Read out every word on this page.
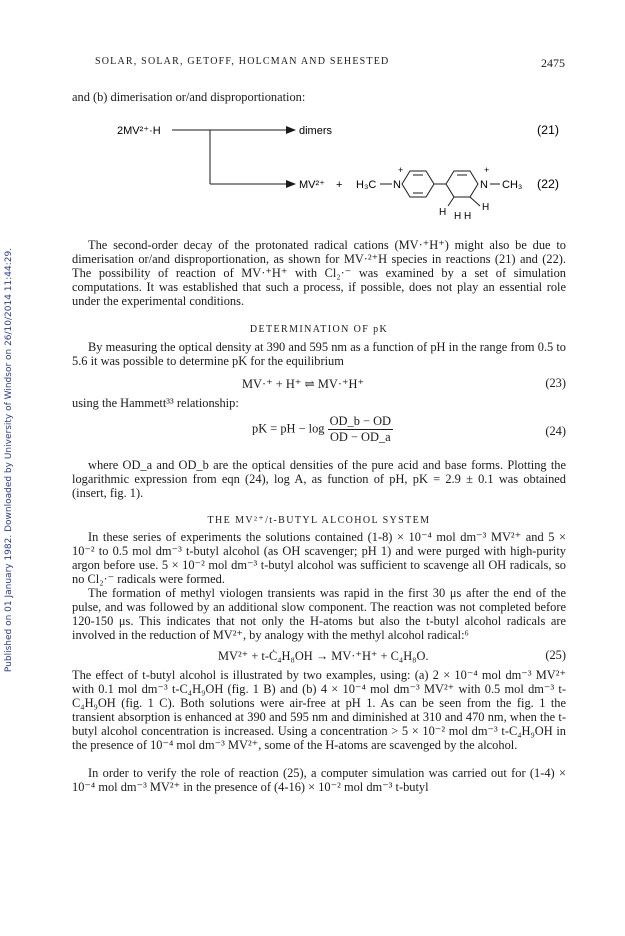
SOLAR, SOLAR, GETOFF, HOLCMAN AND SEHESTED	2475
Published on 01 January 1982. Downloaded by University of Windsor on 26/10/2014 11:44:29.
and (b) dimerisation or/and disproportionation:
2MV²⁺·H	dimers
MV²⁺ + H₃C N
+
N
+
CH₃
H H H
H
(21)
(22)
The second-order decay of the protonated radical cations (MV·⁺H⁺) might also be due to dimerisation or/and disproportionation, as shown for MV·²⁺H species in reactions (21) and (22). The possibility of reaction of MV·⁺H⁺ with Cl₂·⁻ was examined by a set of simulation computations. It was established that such a process, if possible, does not play an essential role under the experimental conditions.
DETERMINATION OF pK
By measuring the optical density at 390 and 595 nm as a function of pH in the range from 0.5 to 5.6 it was possible to determine pK for the equilibrium
MV·⁺ + H⁺ ⇌ MV·⁺H⁺	(23)
using the Hammett³³ relationship:
pK = pH − $\log \frac{OD\_b - OD}{OD - OD\_a}$	(24)
where OD_a and OD_b are the optical densities of the pure acid and base forms. Plotting the logarithmic expression from eqn (24), log A, as function of pH, pK = 2.9 ± 0.1 was obtained (insert, fig. 1).
THE MV²⁺/t-BUTYL ALCOHOL SYSTEM
In these series of experiments the solutions contained (1-8) × 10⁻⁴ mol dm⁻³ MV²⁺ and 5 × 10⁻² to 0.5 mol dm⁻³ t-butyl alcohol (as OH scavenger; pH 1) and were purged with high-purity argon before use. 5 × 10⁻² mol dm⁻³ t-butyl alcohol was sufficient to scavenge all OH radicals, so no Cl₂·⁻ radicals were formed.
The formation of methyl viologen transients was rapid in the first 30 μs after the end of the pulse, and was followed by an additional slow component. The reaction was not completed before 120-150 μs. This indicates that not only the H-atoms but also the t-butyl alcohol radicals are involved in the reduction of MV²⁺, by analogy with the methyl alcohol radical:⁶
MV²⁺ + t-Ċ₄H₈OH → MV·⁺H⁺ + C₄H₈O.	(25)
The effect of t-butyl alcohol is illustrated by two examples, using: (a) 2 × 10⁻⁴ mol dm⁻³ MV²⁺ with 0.1 mol dm⁻³ t-C₄H₉OH (fig. 1 B) and (b) 4 × 10⁻⁴ mol dm⁻³ MV²⁺ with 0.5 mol dm⁻³ t-C₄H₉OH (fig. 1 C). Both solutions were air-free at pH 1. As can be seen from the fig. 1 the transient absorption is enhanced at 390 and 595 nm and diminished at 310 and 470 nm, when the t-butyl alcohol concentration is increased. Using a concentration > 5 × 10⁻² mol dm⁻³ t-C₄H₉OH in the presence of 10⁻⁴ mol dm⁻³ MV²⁺, some of the H-atoms are scavenged by the alcohol.
In order to verify the role of reaction (25), a computer simulation was carried out for (1-4) × 10⁻⁴ mol dm⁻³ MV²⁺ in the presence of (4-16) × 10⁻² mol dm⁻³ t-butyl
